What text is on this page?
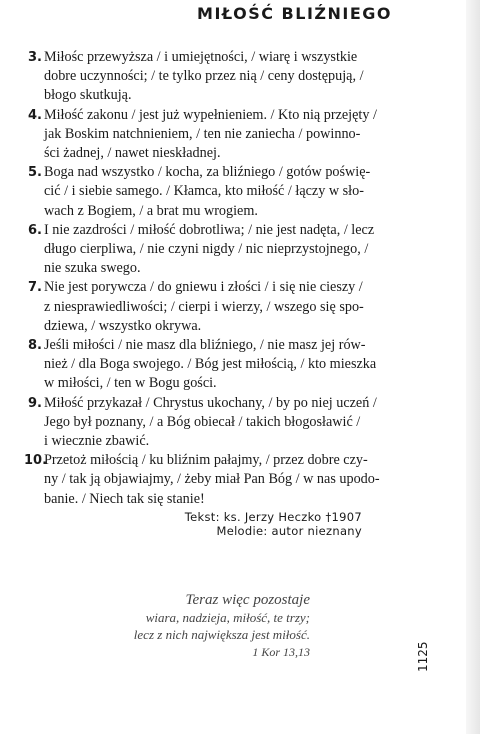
MIŁOŚĆ BLIŹNIEGO
3. Miłośc przewyższa / i umiejętności, / wiarę i wszystkie
dobre uczynności; / te tylko przez nią / ceny dostępują, /
błogo skutkują.
4. Miłość zakonu / jest już wypełnieniem. / Kto nią przejęty /
jak Boskim natchnieniem, / ten nie zaniecha / powinno-
ści żadnej, / nawet nieskładnej.
5. Boga nad wszystko / kocha, za bliźniego / gotów poświę-
cić / i siebie samego. / Kłamca, kto miłość / łączy w sło-
wach z Bogiem, / a brat mu wrogiem.
6. I nie zazdrości / miłość dobrotliwa; / nie jest nadęta, / lecz
długo cierpliwa, / nie czyni nigdy / nic nieprzystojnego, /
nie szuka swego.
7. Nie jest porywcza / do gniewu i złości / i się nie cieszy /
z niesprawiedliwości; / cierpi i wierzy, / wszego się spo-
dziewa, / wszystko okrywa.
8. Jeśli miłości / nie masz dla bliźniego, / nie masz jej rów-
nież / dla Boga swojego. / Bóg jest miłością, / kto mieszka
w miłości, / ten w Bogu gości.
9. Miłość przykazał / Chrystus ukochany, / by po niej uczeń /
Jego był poznany, / a Bóg obiecał / takich błogosławić /
i wiecznie zbawić.
10.
Przetoż miłością / ku bliźnim pałajmy, / przez dobre czy-
ny / tak ją objawiajmy, / żeby miał Pan Bóg / w nas upodo-
banie. / Niech tak się stanie!
Tekst: ks. Jerzy Heczko †1907
Melodie: autor nieznany
Teraz więc pozostaje
wiara, nadzieja, miłość, te trzy;
lecz z nich największa jest miłość.
1 Kor 13,13	1125
